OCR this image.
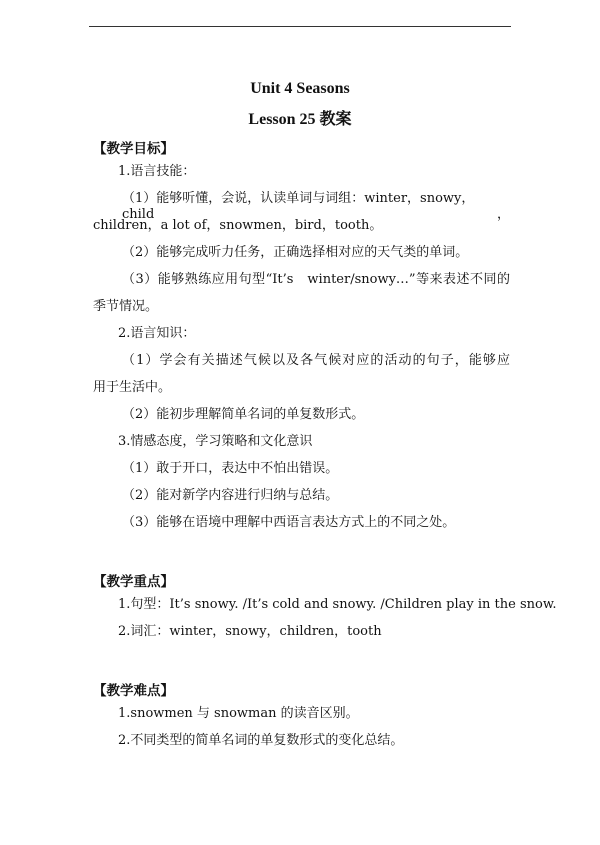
Unit 4 Seasons
Lesson 25 教案
【教学目标】
1.语言技能：
（1）能够听懂，会说，认读单词与词组：winter，snowy，child，
children，a lot of，snowmen，bird，tooth。
（2）能够完成听力任务，正确选择相对应的天气类的单词。
（3）能够熟练应用句型“It’s　winter/snowy…”等来表述不同的
季节情况。
2.语言知识：
（1）学会有关描述气候以及各气候对应的活动的句子，能够应
用于生活中。
（2）能初步理解简单名词的单复数形式。
3.情感态度，学习策略和文化意识
（1）敢于开口，表达中不怕出错误。
（2）能对新学内容进行归纳与总结。
（3）能够在语境中理解中西语言表达方式上的不同之处。
【教学重点】
1.句型：It’s snowy. /It’s cold and snowy. /Children play in the snow.
2.词汇：winter，snowy，children，tooth
【教学难点】
1.snowmen 与 snowman 的读音区别。
2.不同类型的简单名词的单复数形式的变化总结。
